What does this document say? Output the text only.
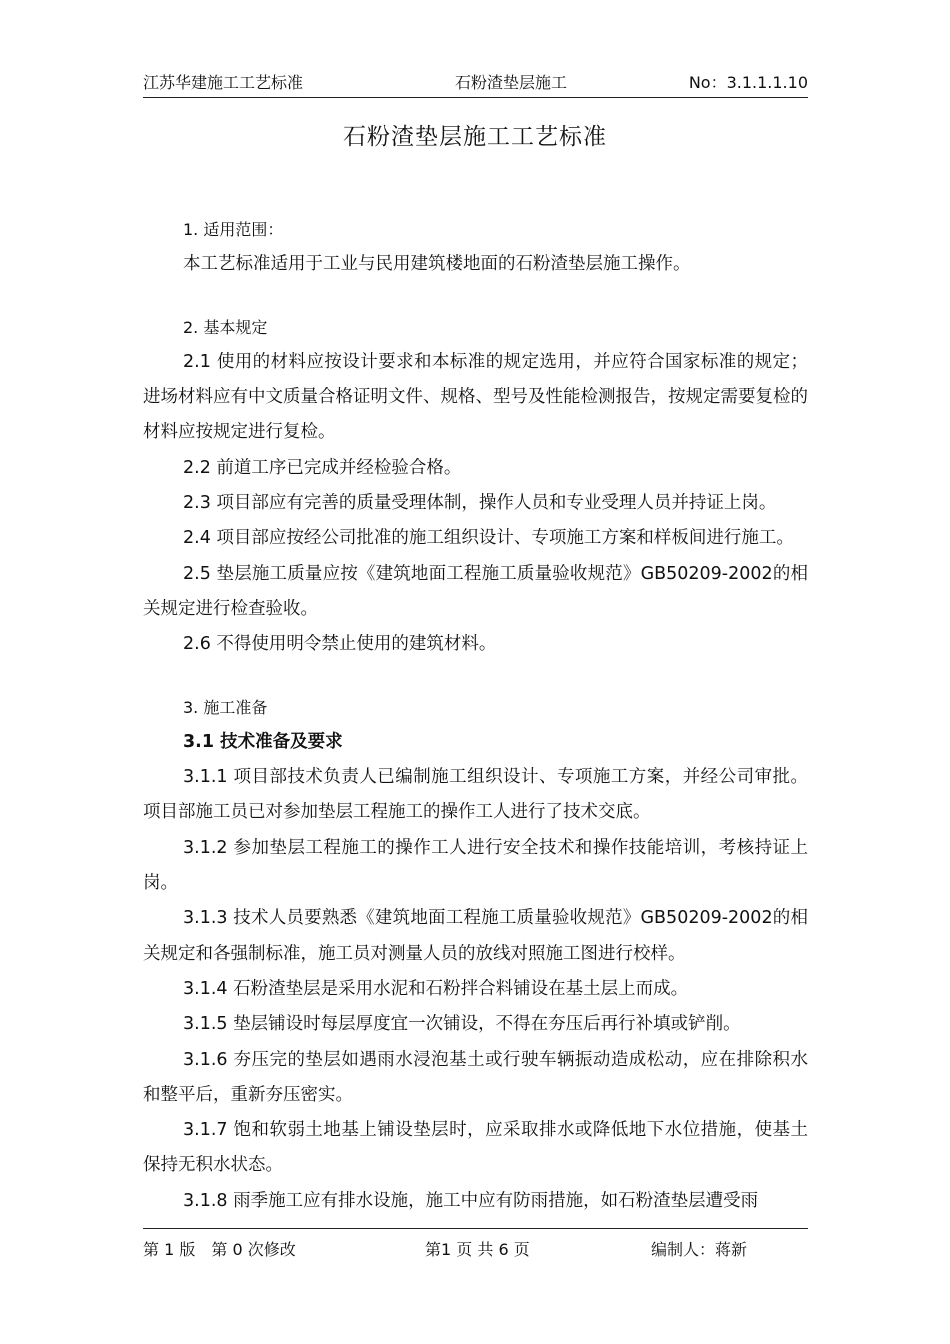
江苏华建施工工艺标准	石粉渣垫层施工	No：3.1.1.1.10
石粉渣垫层施工工艺标准

1. 适用范围：

本工艺标准适用于工业与民用建筑楼地面的石粉渣垫层施工操作。

2. 基本规定

2.1 使用的材料应按设计要求和本标准的规定选用，并应符合国家标准的规定；进场材料应有中文质量合格证明文件、规格、型号及性能检测报告，按规定需要复检的材料应按规定进行复检。

2.2 前道工序已完成并经检验合格。

2.3 项目部应有完善的质量受理体制，操作人员和专业受理人员并持证上岗。

2.4 项目部应按经公司批准的施工组织设计、专项施工方案和样板间进行施工。

2.5 垫层施工质量应按《建筑地面工程施工质量验收规范》GB50209-2002的相关规定进行检查验收。

2.6 不得使用明令禁止使用的建筑材料。

3. 施工准备

3.1 技术准备及要求

3.1.1 项目部技术负责人已编制施工组织设计、专项施工方案，并经公司审批。项目部施工员已对参加垫层工程施工的操作工人进行了技术交底。

3.1.2 参加垫层工程施工的操作工人进行安全技术和操作技能培训，考核持证上岗。

3.1.3 技术人员要熟悉《建筑地面工程施工质量验收规范》GB50209-2002的相关规定和各强制标准，施工员对测量人员的放线对照施工图进行校样。

3.1.4 石粉渣垫层是采用水泥和石粉拌合料铺设在基土层上而成。

3.1.5 垫层铺设时每层厚度宜一次铺设，不得在夯压后再行补填或铲削。

3.1.6 夯压完的垫层如遇雨水浸泡基土或行驶车辆振动造成松动，应在排除积水和整平后，重新夯压密实。

3.1.7 饱和软弱土地基上铺设垫层时，应采取排水或降低地下水位措施，使基土保持无积水状态。

3.1.8 雨季施工应有排水设施，施工中应有防雨措施，如石粉渣垫层遭受雨

第 1 版　第 0 次修改	第1 页 共 6 页	编制人：蒋新
